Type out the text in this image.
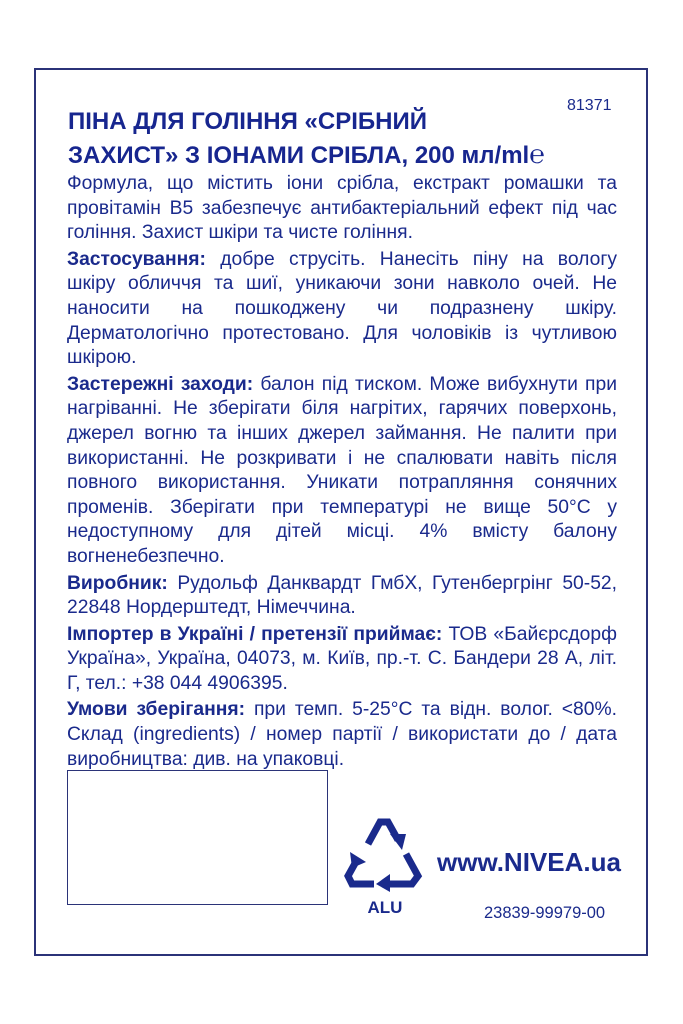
81371
ПІНА ДЛЯ ГОЛІННЯ «СРІБНИЙ
ЗАХИСТ» З ІОНАМИ СРІБЛА, 200 мл/ml℮

Формула, що містить іони срібла, екстракт ромашки та провітамін B5 забезпечує антибактеріальний ефект під час гоління. Захист шкіри та чисте гоління.

Застосування: добре струсіть. Нанесіть піну на вологу шкіру обличчя та шиї, уникаючи зони навколо очей. Не наносити на пошкоджену чи подразнену шкіру. Дерматологічно протестовано. Для чоловіків із чутливою шкірою.

Застережні заходи: балон під тиском. Може вибухнути при нагріванні. Не зберігати біля нагрітих, гарячих поверхонь, джерел вогню та інших джерел займання. Не палити при використанні. Не розкривати і не спалювати навіть після повного використання. Уникати потрапляння сонячних променів. Зберігати при температурі не вище 50°C у недоступному для дітей місці. 4% вмісту балону вогненебезпечно.

Виробник: Рудольф Данквардт ГмбХ, Гутенбергрінг 50-52, 22848 Нордерштедт, Німеччина.

Імпортер в Україні / претензії приймає: ТОВ «Байєрсдорф Україна», Україна, 04073, м. Київ, пр.-т. С. Бандери 28 А, літ. Г, тел.: +38 044 4906395.

Умови зберігання: при темп. 5-25°C та відн. волог. <80%. Склад (ingredients) / номер партії / використати до / дата виробництва: див. на упаковці.

ALU
www.NIVEA.ua
23839-99979-00
